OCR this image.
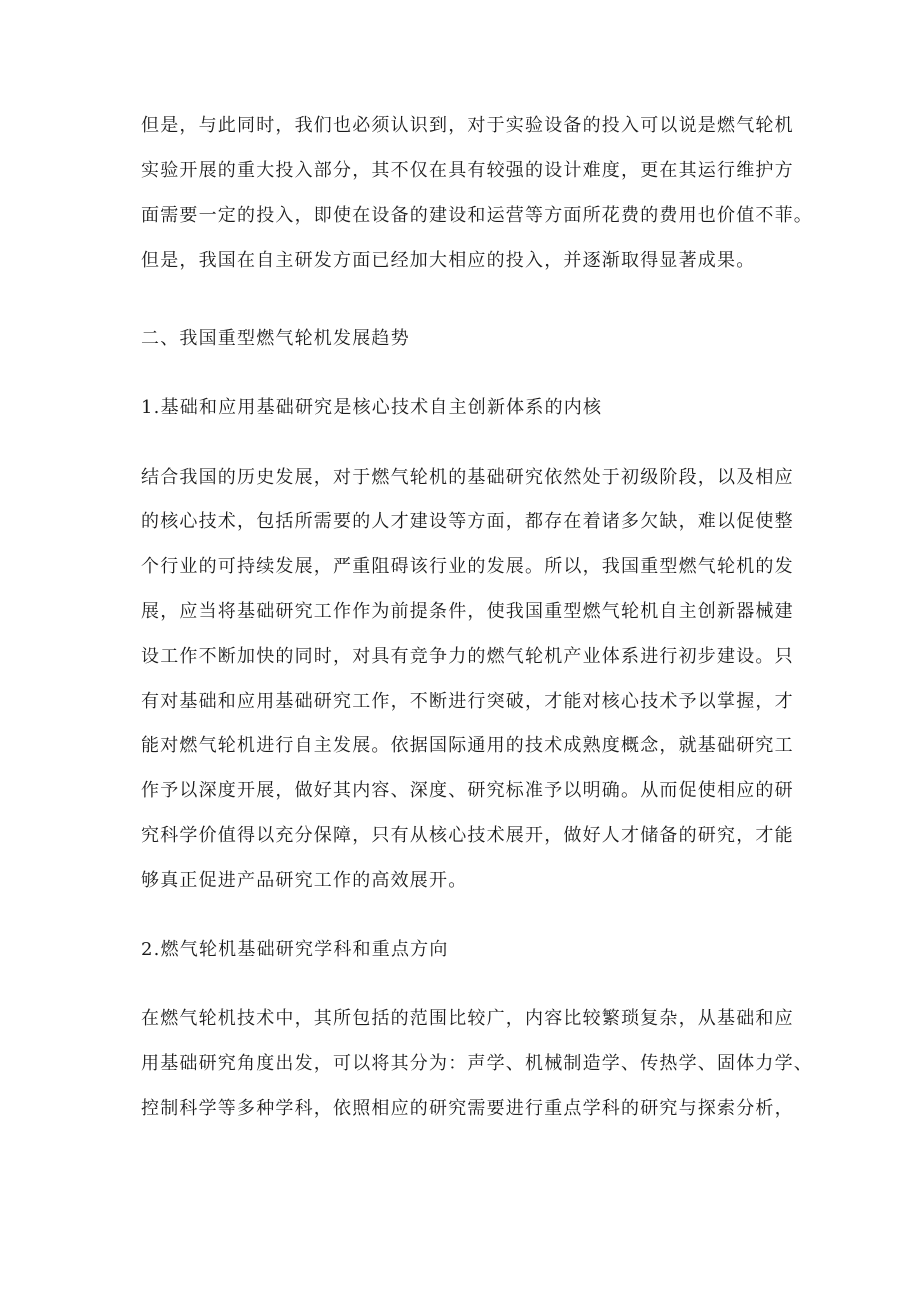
但是，与此同时，我们也必须认识到，对于实验设备的投入可以说是燃气轮机
实验开展的重大投入部分，其不仅在具有较强的设计难度，更在其运行维护方
面需要一定的投入，即使在设备的建设和运营等方面所花费的费用也价值不菲。
但是，我国在自主研发方面已经加大相应的投入，并逐渐取得显著成果。
二、我国重型燃气轮机发展趋势
1.基础和应用基础研究是核心技术自主创新体系的内核
结合我国的历史发展，对于燃气轮机的基础研究依然处于初级阶段，以及相应
的核心技术，包括所需要的人才建设等方面，都存在着诸多欠缺，难以促使整
个行业的可持续发展，严重阻碍该行业的发展。所以，我国重型燃气轮机的发
展，应当将基础研究工作作为前提条件，使我国重型燃气轮机自主创新器械建
设工作不断加快的同时，对具有竞争力的燃气轮机产业体系进行初步建设。只
有对基础和应用基础研究工作，不断进行突破，才能对核心技术予以掌握，才
能对燃气轮机进行自主发展。依据国际通用的技术成熟度概念，就基础研究工
作予以深度开展，做好其内容、深度、研究标准予以明确。从而促使相应的研
究科学价值得以充分保障，只有从核心技术展开，做好人才储备的研究，才能
够真正促进产品研究工作的高效展开。
2.燃气轮机基础研究学科和重点方向
在燃气轮机技术中，其所包括的范围比较广，内容比较繁琐复杂，从基础和应
用基础研究角度出发，可以将其分为：声学、机械制造学、传热学、固体力学、
控制科学等多种学科，依照相应的研究需要进行重点学科的研究与探索分析，
